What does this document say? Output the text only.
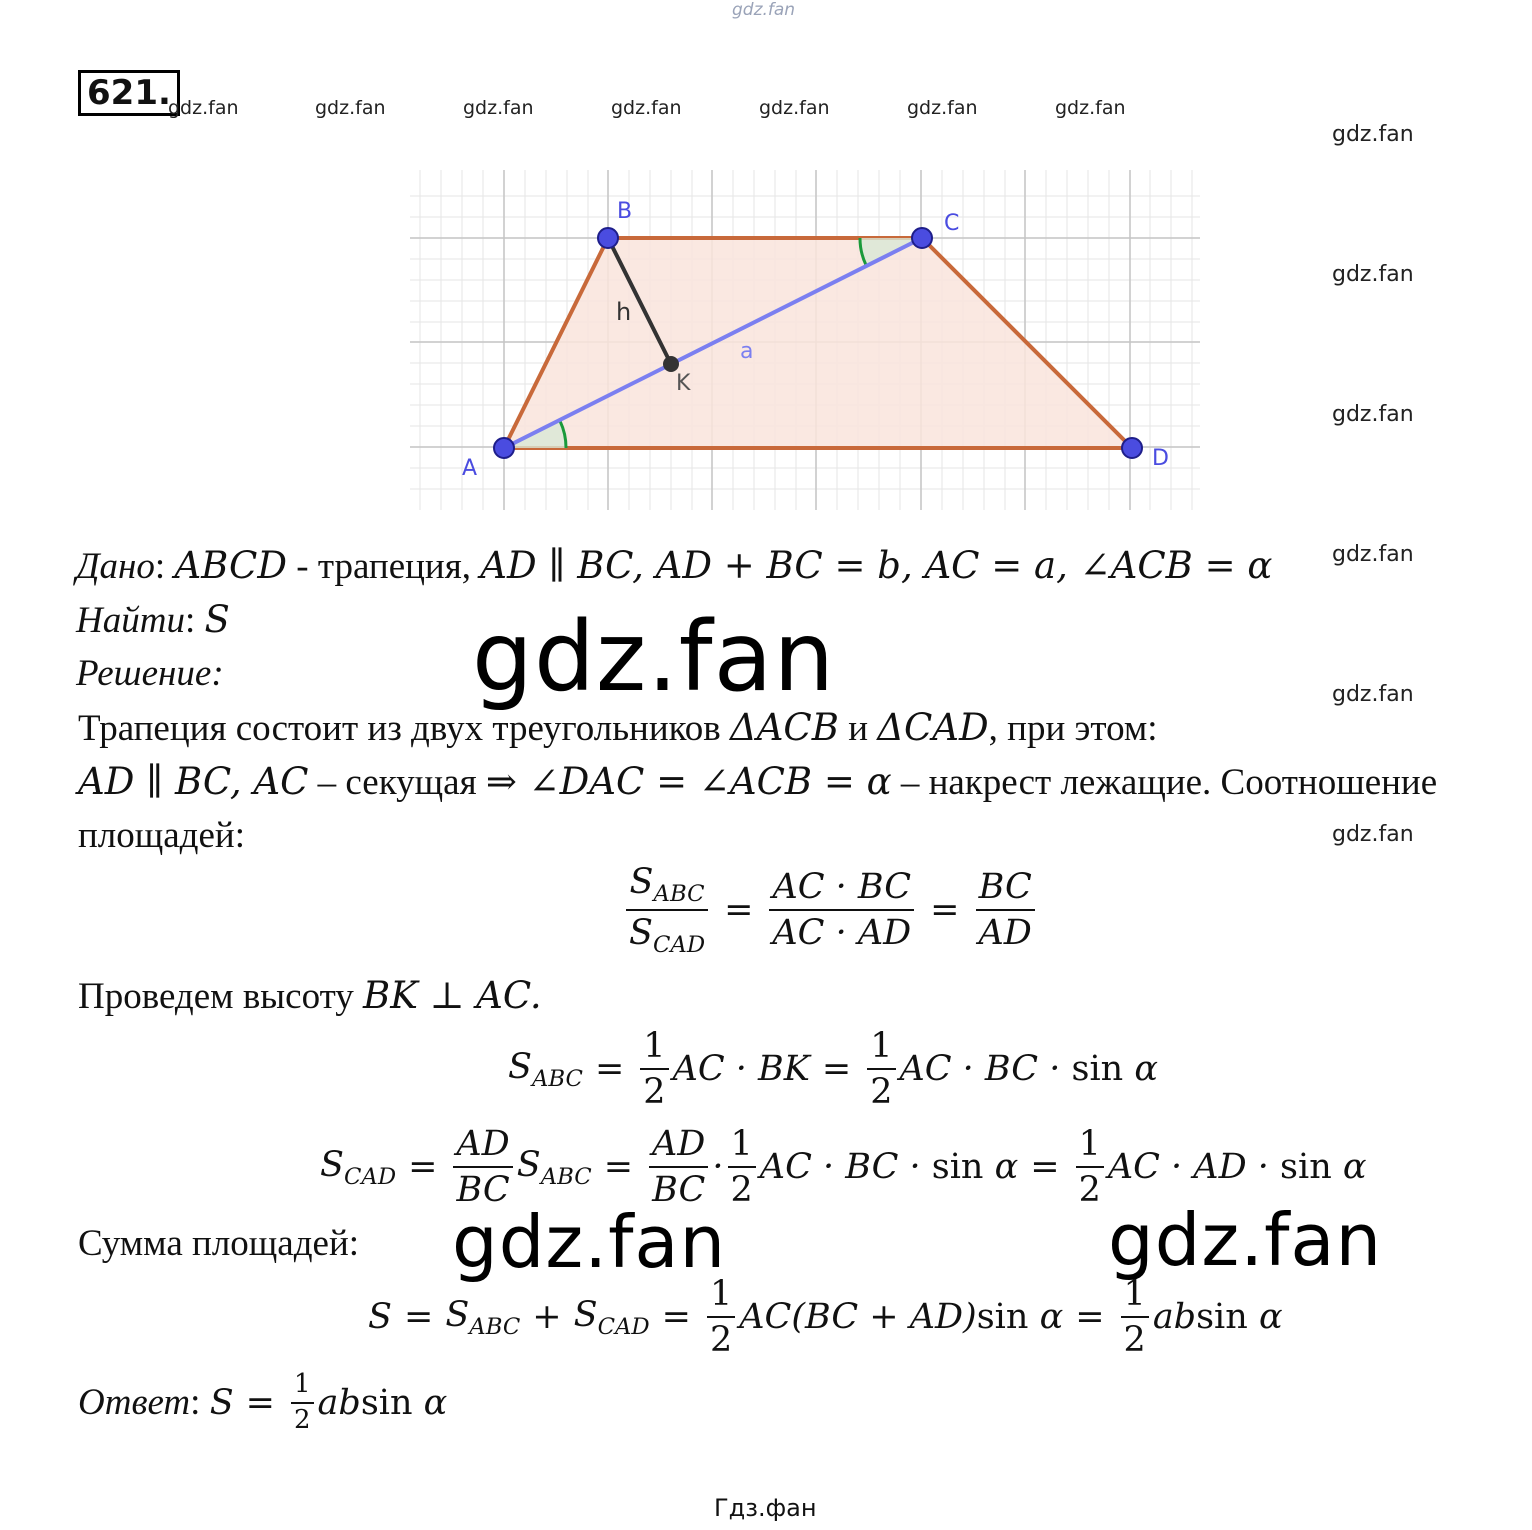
gdz.fan
621.
gdz.fan	gdz.fan	gdz.fan	gdz.fan	gdz.fan	gdz.fan	gdz.fan
gdz.fan
gdz.fan
gdz.fan
gdz.fan
gdz.fan
gdz.fan
A
B	C
D
K
h
a
Дано: ABCD - трапеция, AD ∥ BC, AD + BC = b, AC = a, ∠ACB = α
Найти: S
Решение:	gdz.fan
Трапеция состоит из двух треугольников ΔACB и ΔCAD, при этом:
AD ∥ BC, AC – секущая ⇒ ∠DAC = ∠ACB = α – накрест лежащие. Соотношение
площадей:
$\frac{S_{ABC}}{S_{CAD}} = \frac{AC \cdot BC}{AC \cdot AD} = \frac{BC}{AD}$
Проведем высоту BK ⊥ AC.
$S_{ABC} = \frac{1}{2}$ AC · BK = $\frac{1}{2}$ AC · BC ·
sin
α
$S_{CAD} = \frac{AD}{BC} S_{ABC} = \frac{AD}{BC} \cdot \frac{1}{2}$ AC · BC ·
sin
$\alpha = \frac{1}{2}$ AC · AD ·
sin
α
Сумма площадей: gdz.fan	gdz.fan
$S = S_{ABC} + S_{CAD} = \frac{1}{2} AC(BC + AD)$ sin
$\alpha = \frac{1}{2}$ ab sin
α
Ответ : $S = \frac{1}{2}$ ab sin
α
Гдз.фан
